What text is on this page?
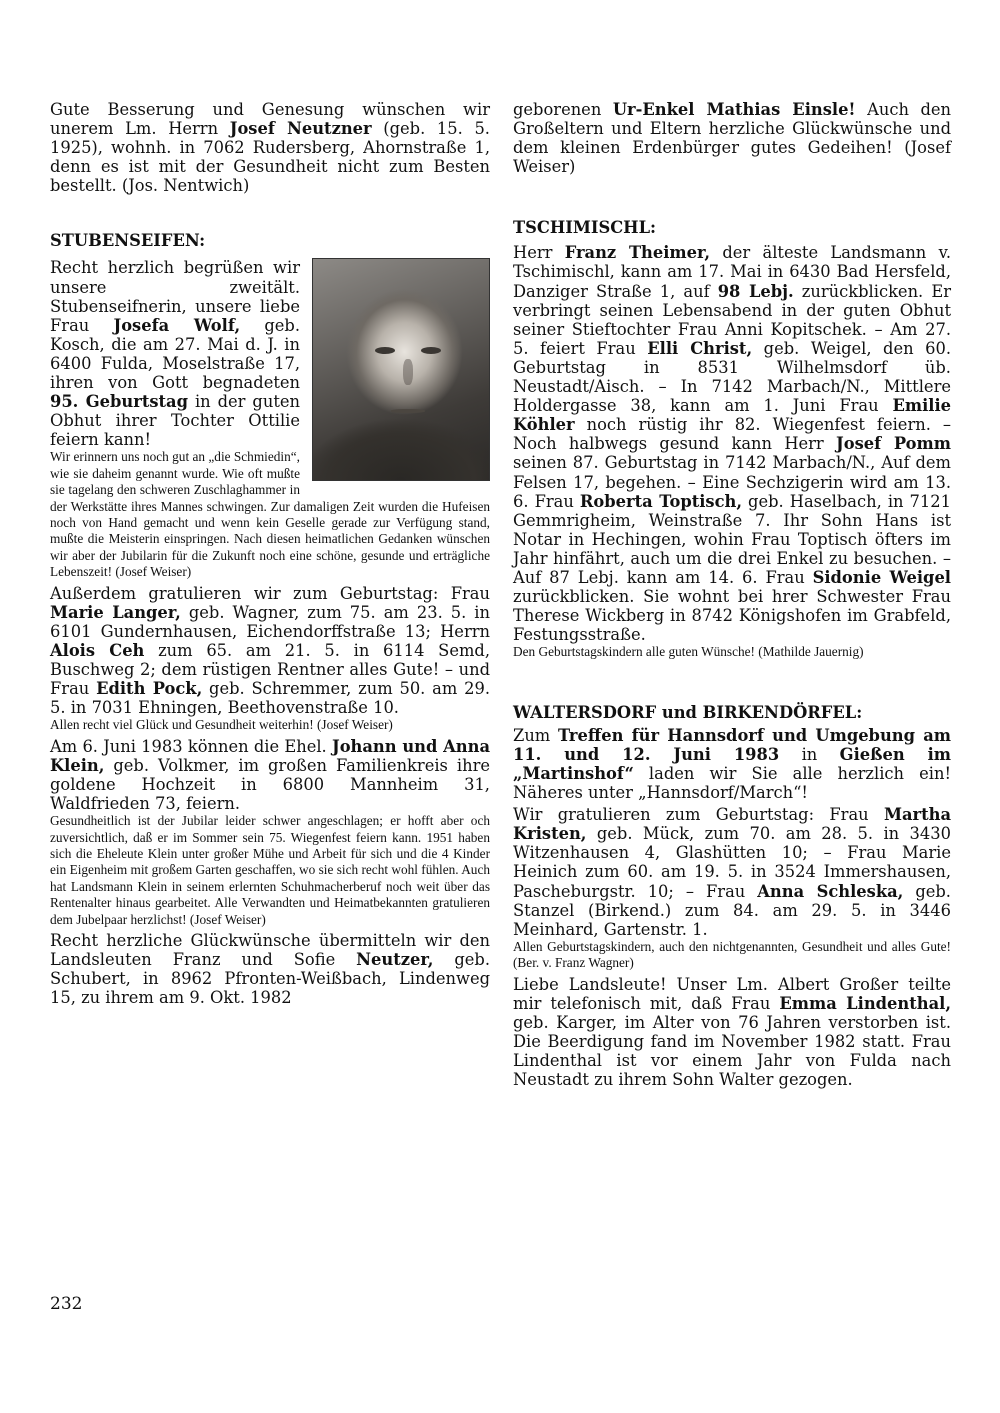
Gute Besserung und Genesung wünschen wir unerem Lm. Herrn Josef Neutzner (geb. 15. 5. 1925), wohnh. in 7062 Rudersberg, Ahornstraße 1, denn es ist mit der Gesundheit nicht zum Besten bestellt. (Jos. Nentwich)

STUBENSEIFEN:

Recht herzlich begrüßen wir unsere zweitält. Stubenseifnerin, unsere liebe Frau Josefa Wolf, geb. Kosch, die am 27. Mai d. J. in 6400 Fulda, Moselstraße 17, ihren von Gott begnadeten 95. Geburtstag in der guten Obhut ihrer Tochter Ottilie feiern kann!

Wir erinnern uns noch gut an „die Schmiedin“, wie sie daheim genannt wurde. Wie oft mußte sie tagelang den schweren Zuschlaghammer in der Werkstätte ihres Mannes schwingen. Zur damaligen Zeit wurden die Hufeisen noch von Hand gemacht und wenn kein Geselle gerade zur Verfügung stand, mußte die Meisterin einspringen. Nach diesen heimatlichen Gedanken wünschen wir aber der Jubilarin für die Zukunft noch eine schöne, gesunde und erträgliche Lebenszeit! (Josef Weiser)

Außerdem gratulieren wir zum Geburtstag: Frau Marie Langer, geb. Wagner, zum 75. am 23. 5. in 6101 Gundernhausen, Eichendorffstraße 13; Herrn Alois Ceh zum 65. am 21. 5. in 6114 Semd, Buschweg 2; dem rüstigen Rentner alles Gute! – und Frau Edith Pock, geb. Schremmer, zum 50. am 29. 5. in 7031 Ehningen, Beethovenstraße 10.

Allen recht viel Glück und Gesundheit weiterhin! (Josef Weiser)

Am 6. Juni 1983 können die Ehel. Johann und Anna Klein, geb. Volkmer, im großen Familienkreis ihre goldene Hochzeit in 6800 Mannheim 31, Waldfrieden 73, feiern.

Gesundheitlich ist der Jubilar leider schwer angeschlagen; er hofft aber och zuversichtlich, daß er im Sommer sein 75. Wiegenfest feiern kann. 1951 haben sich die Eheleute Klein unter großer Mühe und Arbeit für sich und die 4 Kinder ein Eigenheim mit großem Garten geschaffen, wo sie sich recht wohl fühlen. Auch hat Landsmann Klein in seinem erlernten Schuhmacherberuf noch weit über das Rentenalter hinaus gearbeitet. Alle Verwandten und Heimatbekannten gratulieren dem Jubelpaar herzlichst! (Josef Weiser)

Recht herzliche Glückwünsche übermitteln wir den Landsleuten Franz und Sofie Neutzer, geb. Schubert, in 8962 Pfronten-Weißbach, Lindenweg 15, zu ihrem am 9. Okt. 1982

geborenen Ur-Enkel Mathias Einsle! Auch den Großeltern und Eltern herzliche Glückwünsche und dem kleinen Erdenbürger gutes Gedeihen! (Josef Weiser)

TSCHIMISCHL:

Herr Franz Theimer, der älteste Landsmann v. Tschimischl, kann am 17. Mai in 6430 Bad Hersfeld, Danziger Straße 1, auf 98 Lebj. zurückblicken. Er verbringt seinen Lebensabend in der guten Obhut seiner Stieftochter Frau Anni Kopitschek. – Am 27. 5. feiert Frau Elli Christ, geb. Weigel, den 60. Geburtstag in 8531 Wilhelmsdorf üb. Neustadt/Aisch. – In 7142 Marbach/N., Mittlere Holdergasse 38, kann am 1. Juni Frau Emilie Köhler noch rüstig ihr 82. Wiegenfest feiern. – Noch halbwegs gesund kann Herr Josef Pomm seinen 87. Geburtstag in 7142 Marbach/N., Auf dem Felsen 17, begehen. – Eine Sechzigerin wird am 13. 6. Frau Roberta Toptisch, geb. Haselbach, in 7121 Gemmrigheim, Weinstraße 7. Ihr Sohn Hans ist Notar in Hechingen, wohin Frau Toptisch öfters im Jahr hinfährt, auch um die drei Enkel zu besuchen. – Auf 87 Lebj. kann am 14. 6. Frau Sidonie Weigel zurückblicken. Sie wohnt bei hrer Schwester Frau Therese Wickberg in 8742 Königshofen im Grabfeld, Festungsstraße.

Den Geburtstagskindern alle guten Wünsche! (Mathilde Jauernig)

WALTERSDORF und BIRKENDÖRFEL:

Zum Treffen für Hannsdorf und Umgebung am 11. und 12. Juni 1983 in Gießen im „Martinshof“ laden wir Sie alle herzlich ein! Näheres unter „Hannsdorf/March“!

Wir gratulieren zum Geburtstag: Frau Martha Kristen, geb. Mück, zum 70. am 28. 5. in 3430 Witzenhausen 4, Glashütten 10; – Frau Marie Heinich zum 60. am 19. 5. in 3524 Immershausen, Pascheburgstr. 10; – Frau Anna Schleska, geb. Stanzel (Birkend.) zum 84. am 29. 5. in 3446 Meinhard, Gartenstr. 1.

Allen Geburtstagskindern, auch den nichtgenannten, Gesundheit und alles Gute! (Ber. v. Franz Wagner)

Liebe Landsleute! Unser Lm. Albert Großer teilte mir telefonisch mit, daß Frau Emma Lindenthal, geb. Karger, im Alter von 76 Jahren verstorben ist. Die Beerdigung fand im November 1982 statt. Frau Lindenthal ist vor einem Jahr von Fulda nach Neustadt zu ihrem Sohn Walter gezogen.

232
